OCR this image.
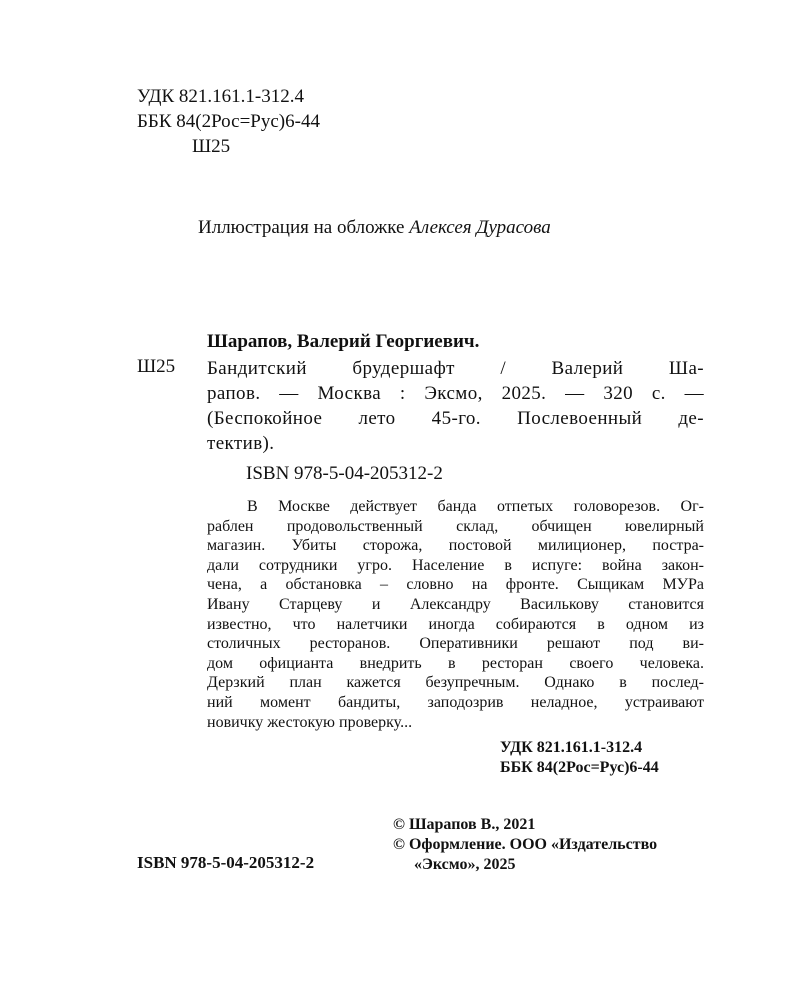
УДК 821.161.1-312.4
ББК 84(2Рос=Рус)6-44
Ш25
Иллюстрация на обложке Алексея Дурасова
Шарапов, Валерий Георгиевич.
Ш25 Бандитский брудершафт / Валерий Ша-
рапов. — Москва : Эксмо, 2025. — 320 с. —
(Беспокойное лето 45-го. Послевоенный де-
тектив).
ISBN 978-5-04-205312-2
В Москве действует банда отпетых головорезов. Ог-
раблен продовольственный склад, обчищен ювелирный
магазин. Убиты сторожа, постовой милиционер, постра-
дали сотрудники угро. Население в испуге: война закон-
чена, а обстановка – словно на фронте. Сыщикам МУРа
Ивану Старцеву и Александру Василькову становится
известно, что налетчики иногда собираются в одном из
столичных ресторанов. Оперативники решают под ви-
дом официанта внедрить в ресторан своего человека.
Дерзкий план кажется безупречным. Однако в послед-
ний момент бандиты, заподозрив неладное, устраивают
новичку жестокую проверку...
УДК 821.161.1-312.4
ББК 84(2Рос=Рус)6-44
© Шарапов В., 2021
© Оформление. ООО «Издательство
«Эксмо», 2025
ISBN 978-5-04-205312-2
